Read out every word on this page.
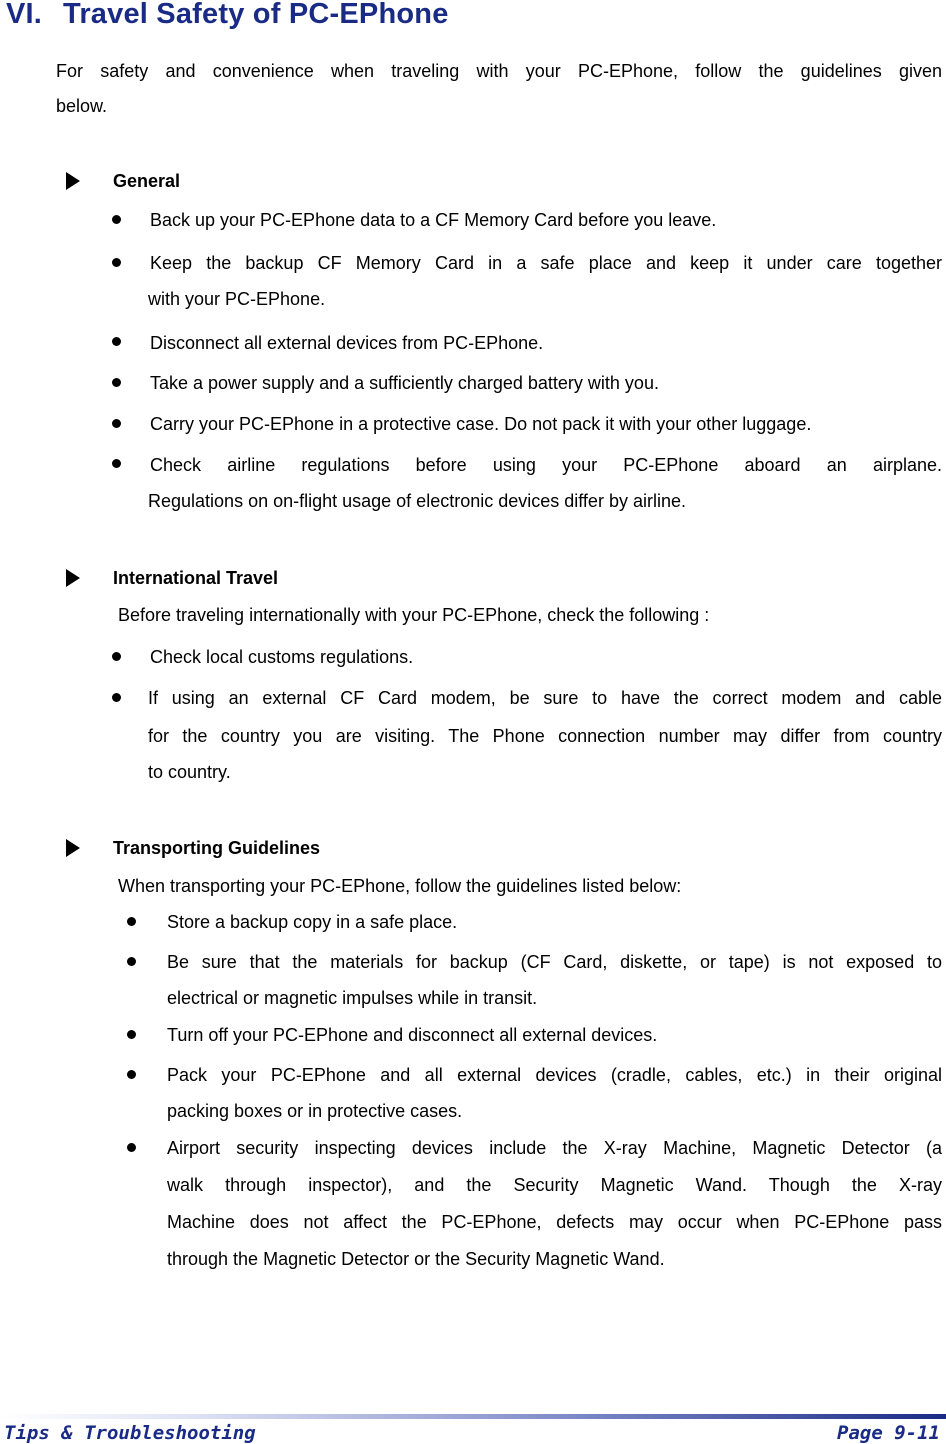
VI. Travel Safety of PC-EPhone
For safety and convenience when traveling with your PC-EPhone, follow the guidelines given
below.
General
Back up your PC-EPhone data to a CF Memory Card before you leave.
Keep the backup CF Memory Card in a safe place and keep it under care together
with your PC-EPhone.
Disconnect all external devices from PC-EPhone.
Take a power supply and a sufficiently charged battery with you.
Carry your PC-EPhone in a protective case. Do not pack it with your other luggage.
Check airline regulations before using your PC-EPhone aboard an airplane.
Regulations on on-flight usage of electronic devices differ by airline.
International Travel
Before traveling internationally with your PC-EPhone, check the following :
Check local customs regulations.
If using an external CF Card modem, be sure to have the correct modem and cable
for the country you are visiting. The Phone connection number may differ from country
to country.
Transporting Guidelines
When transporting your PC-EPhone, follow the guidelines listed below:
Store a backup copy in a safe place.
Be sure that the materials for backup (CF Card, diskette, or tape) is not exposed to
electrical or magnetic impulses while in transit.
Turn off your PC-EPhone and disconnect all external devices.
Pack your PC-EPhone and all external devices (cradle, cables, etc.) in their original
packing boxes or in protective cases.
Airport security inspecting devices include the X-ray Machine, Magnetic Detector (a
walk through inspector), and the Security Magnetic Wand. Though the X-ray
Machine does not affect the PC-EPhone, defects may occur when PC-EPhone pass
through the Magnetic Detector or the Security Magnetic Wand.
Tips & Troubleshooting	Page 9-11
